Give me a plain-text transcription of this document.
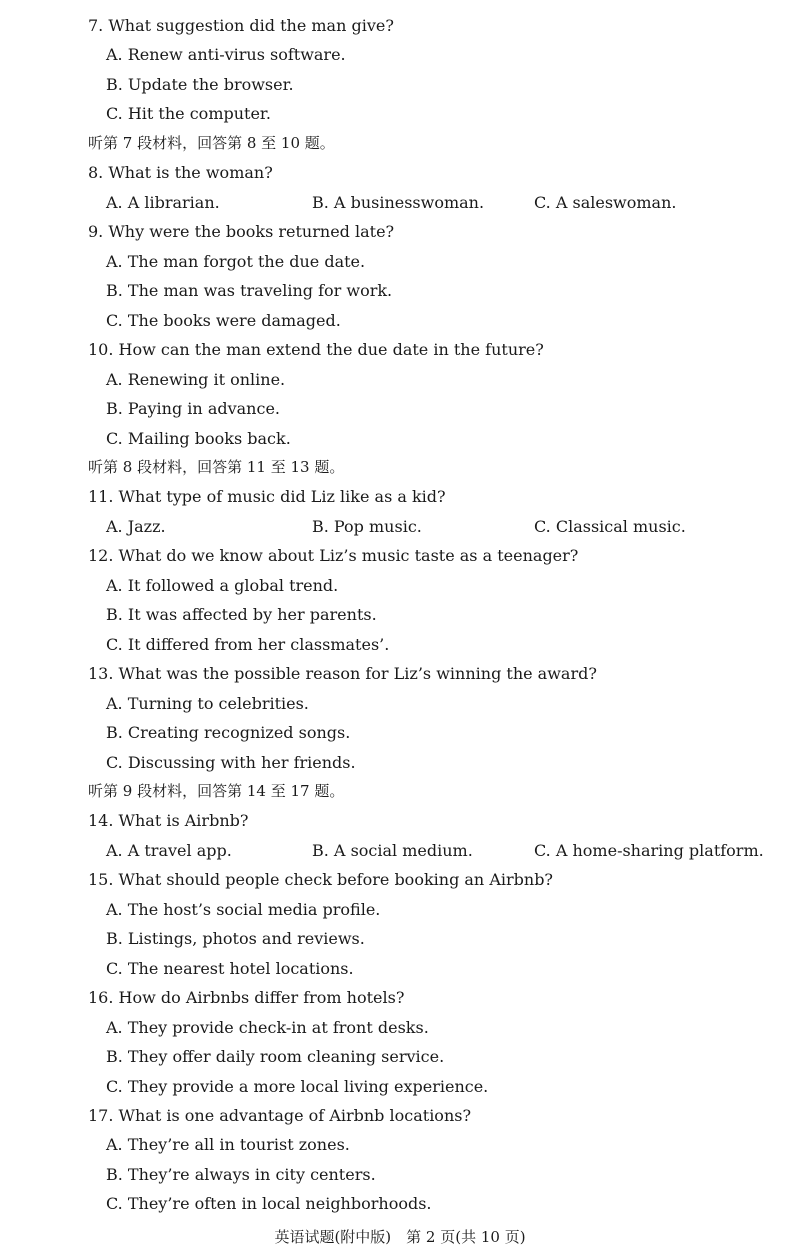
7. What suggestion did the man give?
A. Renew anti-virus software.
B. Update the browser.
C. Hit the computer.
听第 7 段材料，回答第 8 至 10 题。
8. What is the woman?
A. A librarian.	B. A businesswoman.	C. A saleswoman.
9. Why were the books returned late?
A. The man forgot the due date.
B. The man was traveling for work.
C. The books were damaged.
10. How can the man extend the due date in the future?
A. Renewing it online.
B. Paying in advance.
C. Mailing books back.
听第 8 段材料，回答第 11 至 13 题。
11. What type of music did Liz like as a kid?
A. Jazz.	B. Pop music.	C. Classical music.
12. What do we know about Liz’s music taste as a teenager?
A. It followed a global trend.
B. It was affected by her parents.
C. It differed from her classmates’.
13. What was the possible reason for Liz’s winning the award?
A. Turning to celebrities.
B. Creating recognized songs.
C. Discussing with her friends.
听第 9 段材料，回答第 14 至 17 题。
14. What is Airbnb?
A. A travel app.	B. A social medium.	C. A home-sharing platform.
15. What should people check before booking an Airbnb?
A. The host’s social media profile.
B. Listings, photos and reviews.
C. The nearest hotel locations.
16. How do Airbnbs differ from hotels?
A. They provide check-in at front desks.
B. They offer daily room cleaning service.
C. They provide a more local living experience.
17. What is one advantage of Airbnb locations?
A. They’re all in tourist zones.
B. They’re always in city centers.
C. They’re often in local neighborhoods.
英语试题(附中版)　第 2 页(共 10 页)
